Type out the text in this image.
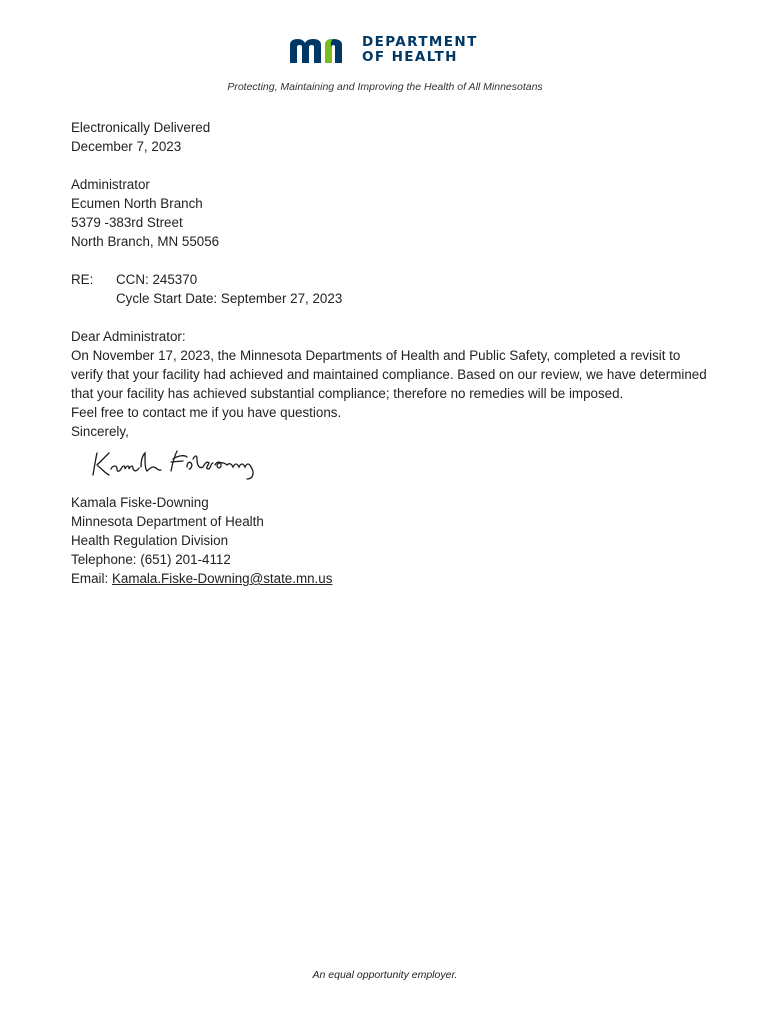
DEPARTMENT
OF HEALTH
Protecting, Maintaining and Improving the Health of All Minnesotans
Electronically Delivered
December 7, 2023
Administrator
Ecumen North Branch
5379 -383rd Street
North Branch, MN 55056
RE:	CCN: 245370
Cycle Start Date: September 27, 2023

Dear Administrator:

On November 17, 2023, the Minnesota Departments of Health and Public Safety, completed a revisit to verify that your facility had achieved and maintained compliance. Based on our review, we have determined that your facility has achieved substantial compliance; therefore no remedies will be imposed.

Feel free to contact me if you have questions.

Sincerely,
Kamala Fiske-Downing
Minnesota Department of Health
Health Regulation Division
Telephone: (651) 201-4112
Email: Kamala.Fiske-Downing@state.mn.us
An equal opportunity employer.
